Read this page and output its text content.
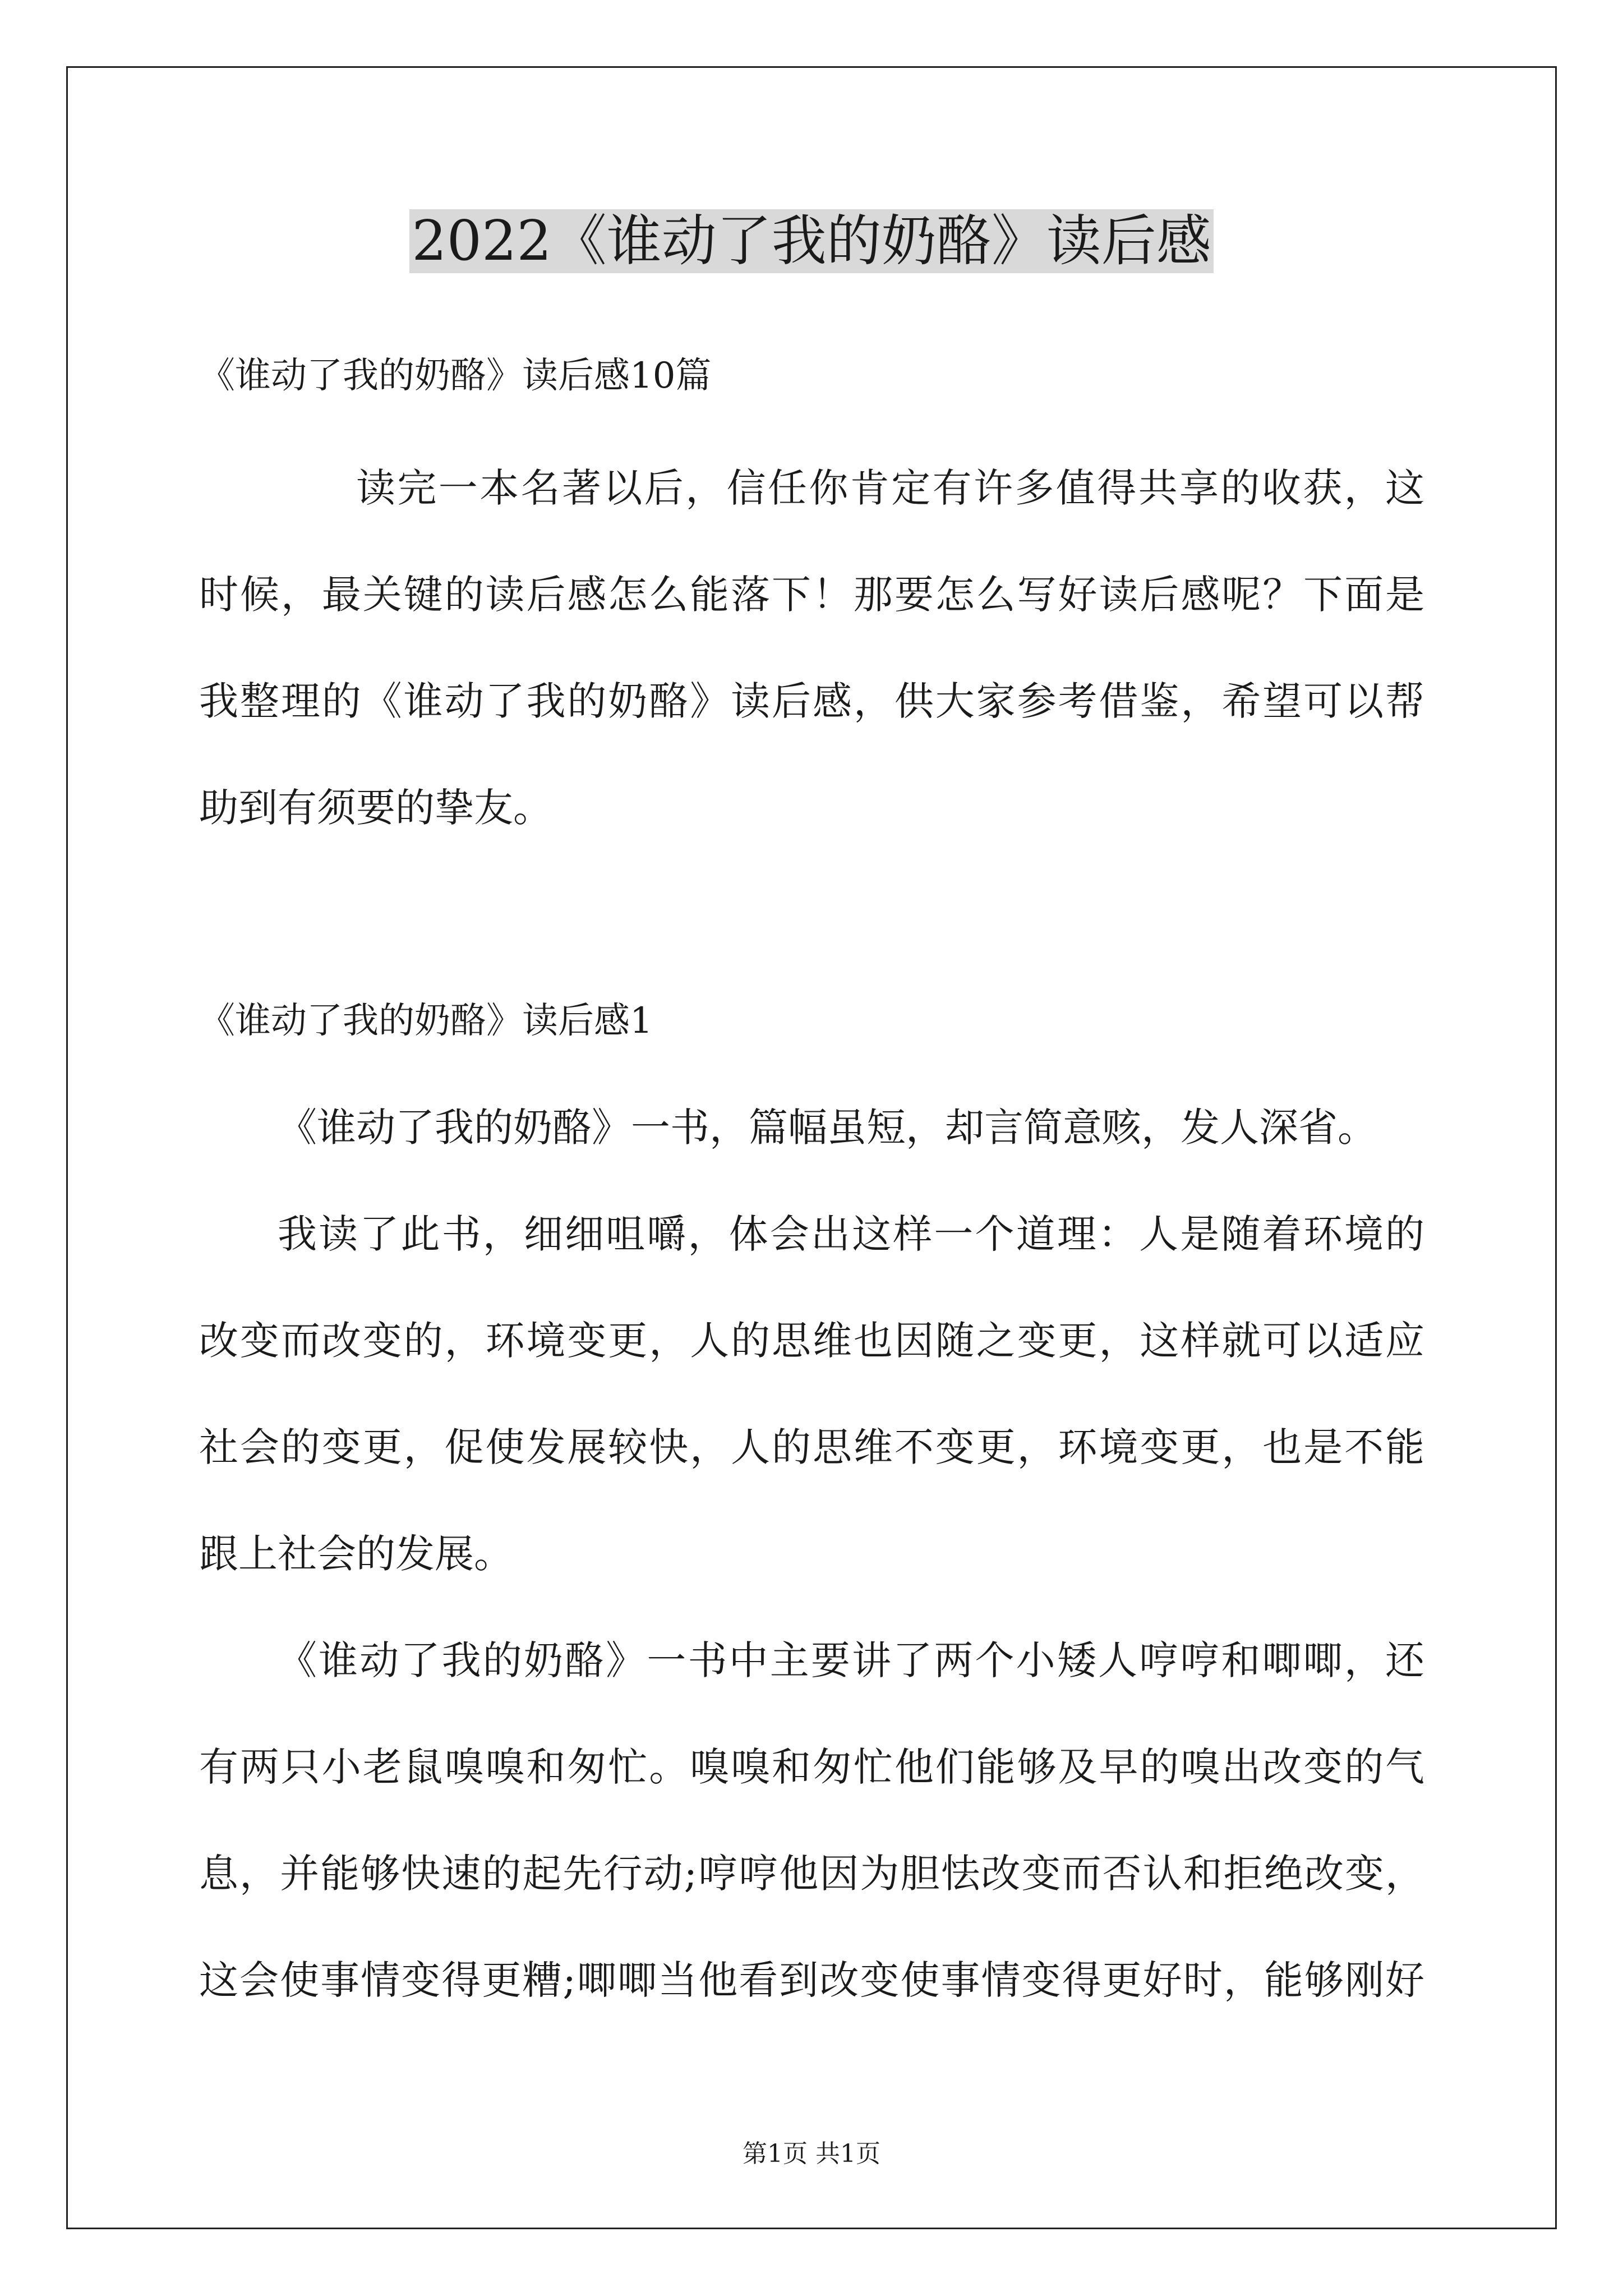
2022《谁动了我的奶酪》读后感

《谁动了我的奶酪》读后感10篇

读完一本名著以后，信任你肯定有许多值得共享的收获，这

时候，最关键的读后感怎么能落下！那要怎么写好读后感呢？下面是

我整理的《谁动了我的奶酪》读后感，供大家参考借鉴，希望可以帮

助到有须要的挚友。

《谁动了我的奶酪》读后感1

《谁动了我的奶酪》一书，篇幅虽短，却言简意赅，发人深省。

我读了此书，细细咀嚼，体会出这样一个道理：人是随着环境的

改变而改变的，环境变更，人的思维也因随之变更，这样就可以适应

社会的变更，促使发展较快，人的思维不变更，环境变更，也是不能

跟上社会的发展。

《谁动了我的奶酪》一书中主要讲了两个小矮人哼哼和唧唧，还

有两只小老鼠嗅嗅和匆忙。嗅嗅和匆忙他们能够及早的嗅出改变的气

息，并能够快速的起先行动;哼哼他因为胆怯改变而否认和拒绝改变，

这会使事情变得更糟;唧唧当他看到改变使事情变得更好时，能够刚好

第1页 共1页
